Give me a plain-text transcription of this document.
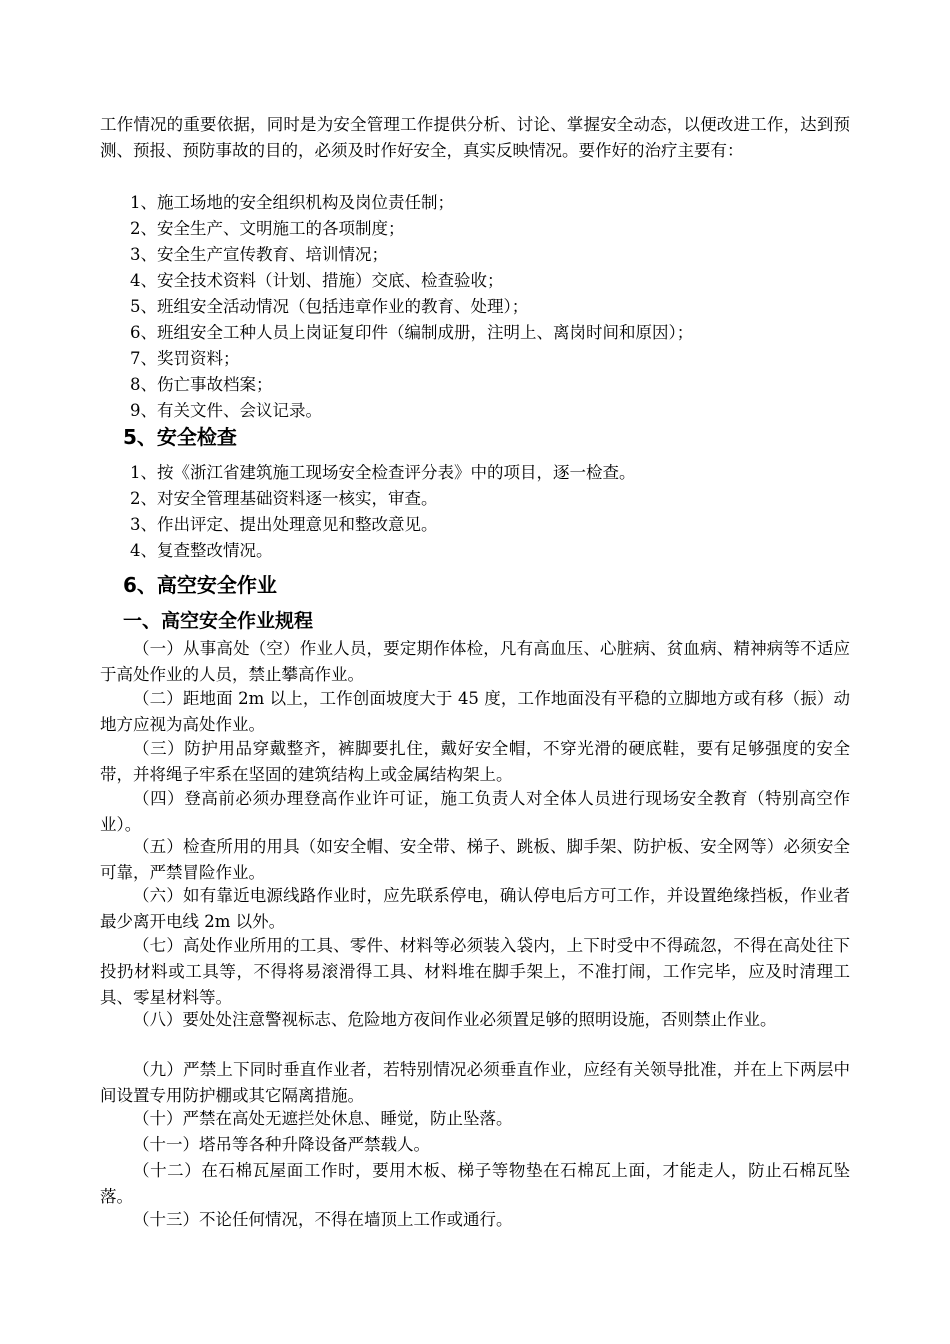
工作情况的重要依据，同时是为安全管理工作提供分析、讨论、掌握安全动态，以便改进工作，达到预测、预报、预防事故的目的，必须及时作好安全，真实反映情况。要作好的治疗主要有：
1、施工场地的安全组织机构及岗位责任制；
2、安全生产、文明施工的各项制度；
3、安全生产宣传教育、培训情况；
4、安全技术资料（计划、措施）交底、检查验收；
5、班组安全活动情况（包括违章作业的教育、处理）；
6、班组安全工种人员上岗证复印件（编制成册，注明上、离岗时间和原因）；
7、奖罚资料；
8、伤亡事故档案；
9、有关文件、会议记录。
5、安全检查
1、按《浙江省建筑施工现场安全检查评分表》中的项目，逐一检查。
2、对安全管理基础资料逐一核实，审查。
3、作出评定、提出处理意见和整改意见。
4、复查整改情况。
6、高空安全作业
一、高空安全作业规程
（一）从事高处（空）作业人员，要定期作体检，凡有高血压、心脏病、贫血病、精神病等不适应于高处作业的人员，禁止攀高作业。
（二）距地面 2m 以上，工作创面坡度大于 45 度，工作地面没有平稳的立脚地方或有移（振）动地方应视为高处作业。
（三）防护用品穿戴整齐，裤脚要扎住，戴好安全帽，不穿光滑的硬底鞋，要有足够强度的安全带，并将绳子牢系在坚固的建筑结构上或金属结构架上。
（四）登高前必须办理登高作业许可证，施工负责人对全体人员进行现场安全教育（特别高空作业）。
（五）检查所用的用具（如安全帽、安全带、梯子、跳板、脚手架、防护板、安全网等）必须安全可靠，严禁冒险作业。
（六）如有靠近电源线路作业时，应先联系停电，确认停电后方可工作，并设置绝缘挡板，作业者最少离开电线 2m 以外。
（七）高处作业所用的工具、零件、材料等必须装入袋内，上下时受中不得疏忽，不得在高处往下投扔材料或工具等，不得将易滚滑得工具、材料堆在脚手架上，不准打闹，工作完毕，应及时清理工具、零星材料等。
（八）要处处注意警视标志、危险地方夜间作业必须置足够的照明设施，否则禁止作业。
（九）严禁上下同时垂直作业者，若特别情况必须垂直作业，应经有关领导批准，并在上下两层中间设置专用防护棚或其它隔离措施。
（十）严禁在高处无遮拦处休息、睡觉，防止坠落。
（十一）塔吊等各种升降设备严禁载人。
（十二）在石棉瓦屋面工作时，要用木板、梯子等物垫在石棉瓦上面，才能走人，防止石棉瓦坠落。
（十三）不论任何情况，不得在墙顶上工作或通行。
